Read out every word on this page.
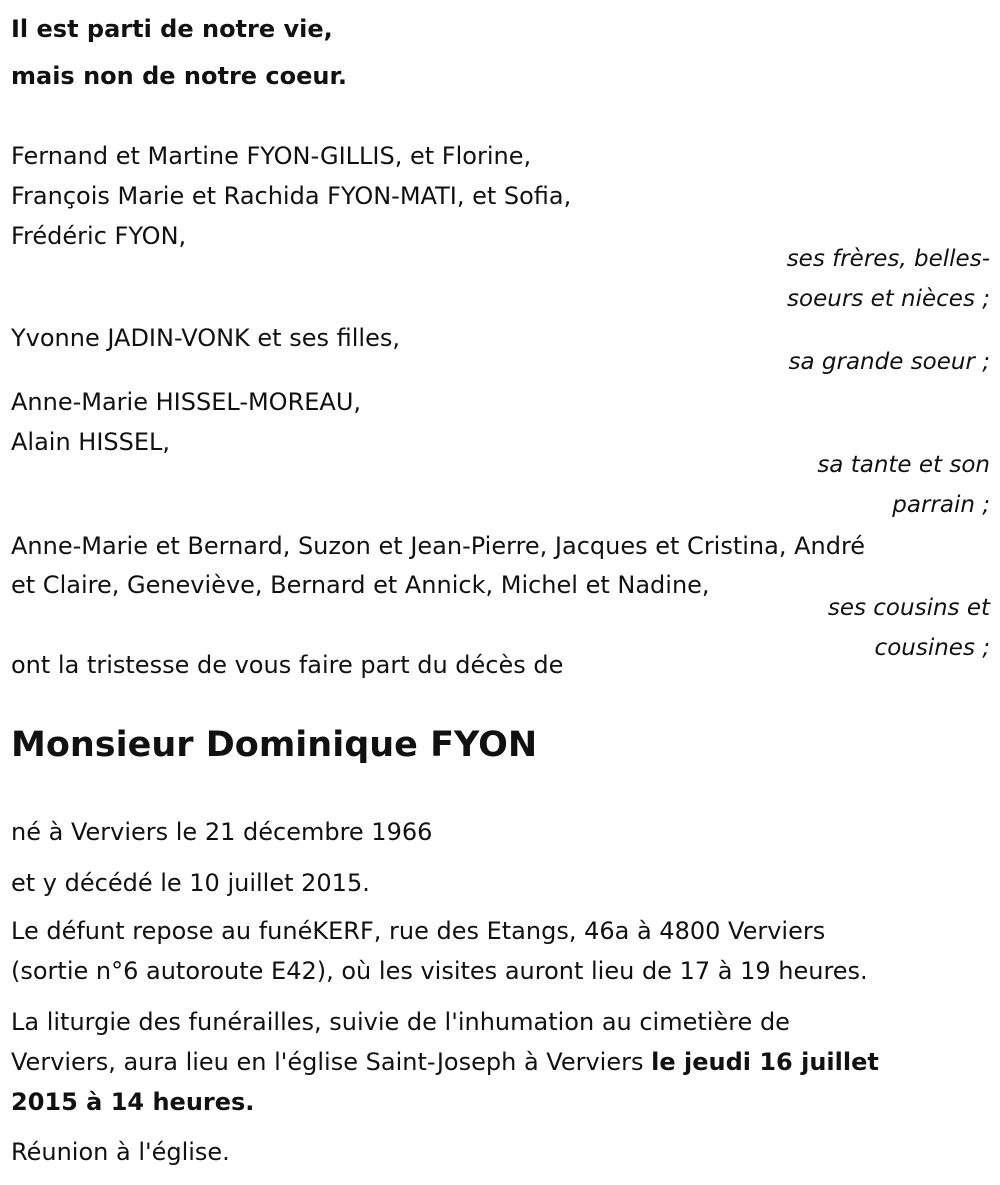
Il est parti de notre vie,
mais non de notre coeur.
Fernand et Martine FYON-GILLIS, et Florine,
François Marie et Rachida FYON-MATI, et Sofia,
Frédéric FYON,
ses frères, belles-
soeurs et nièces ;
Yvonne JADIN-VONK et ses filles,
sa grande soeur ;
Anne-Marie HISSEL-MOREAU,
Alain HISSEL,
sa tante et son
parrain ;
Anne-Marie et Bernard, Suzon et Jean-Pierre, Jacques et Cristina, André
et Claire, Geneviève, Bernard et Annick, Michel et Nadine,
ses cousins et
cousines ;
ont la tristesse de vous faire part du décès de
Monsieur Dominique FYON
né à Verviers le 21 décembre 1966
et y décédé le 10 juillet 2015.
Le défunt repose au funéKERF, rue des Etangs, 46a à 4800 Verviers
(sortie n°6 autoroute E42), où les visites auront lieu de 17 à 19 heures.
La liturgie des funérailles, suivie de l'inhumation au cimetière de
Verviers, aura lieu en l'église Saint-Joseph à Verviers le jeudi 16 juillet
2015 à 14 heures.
Réunion à l'église.
